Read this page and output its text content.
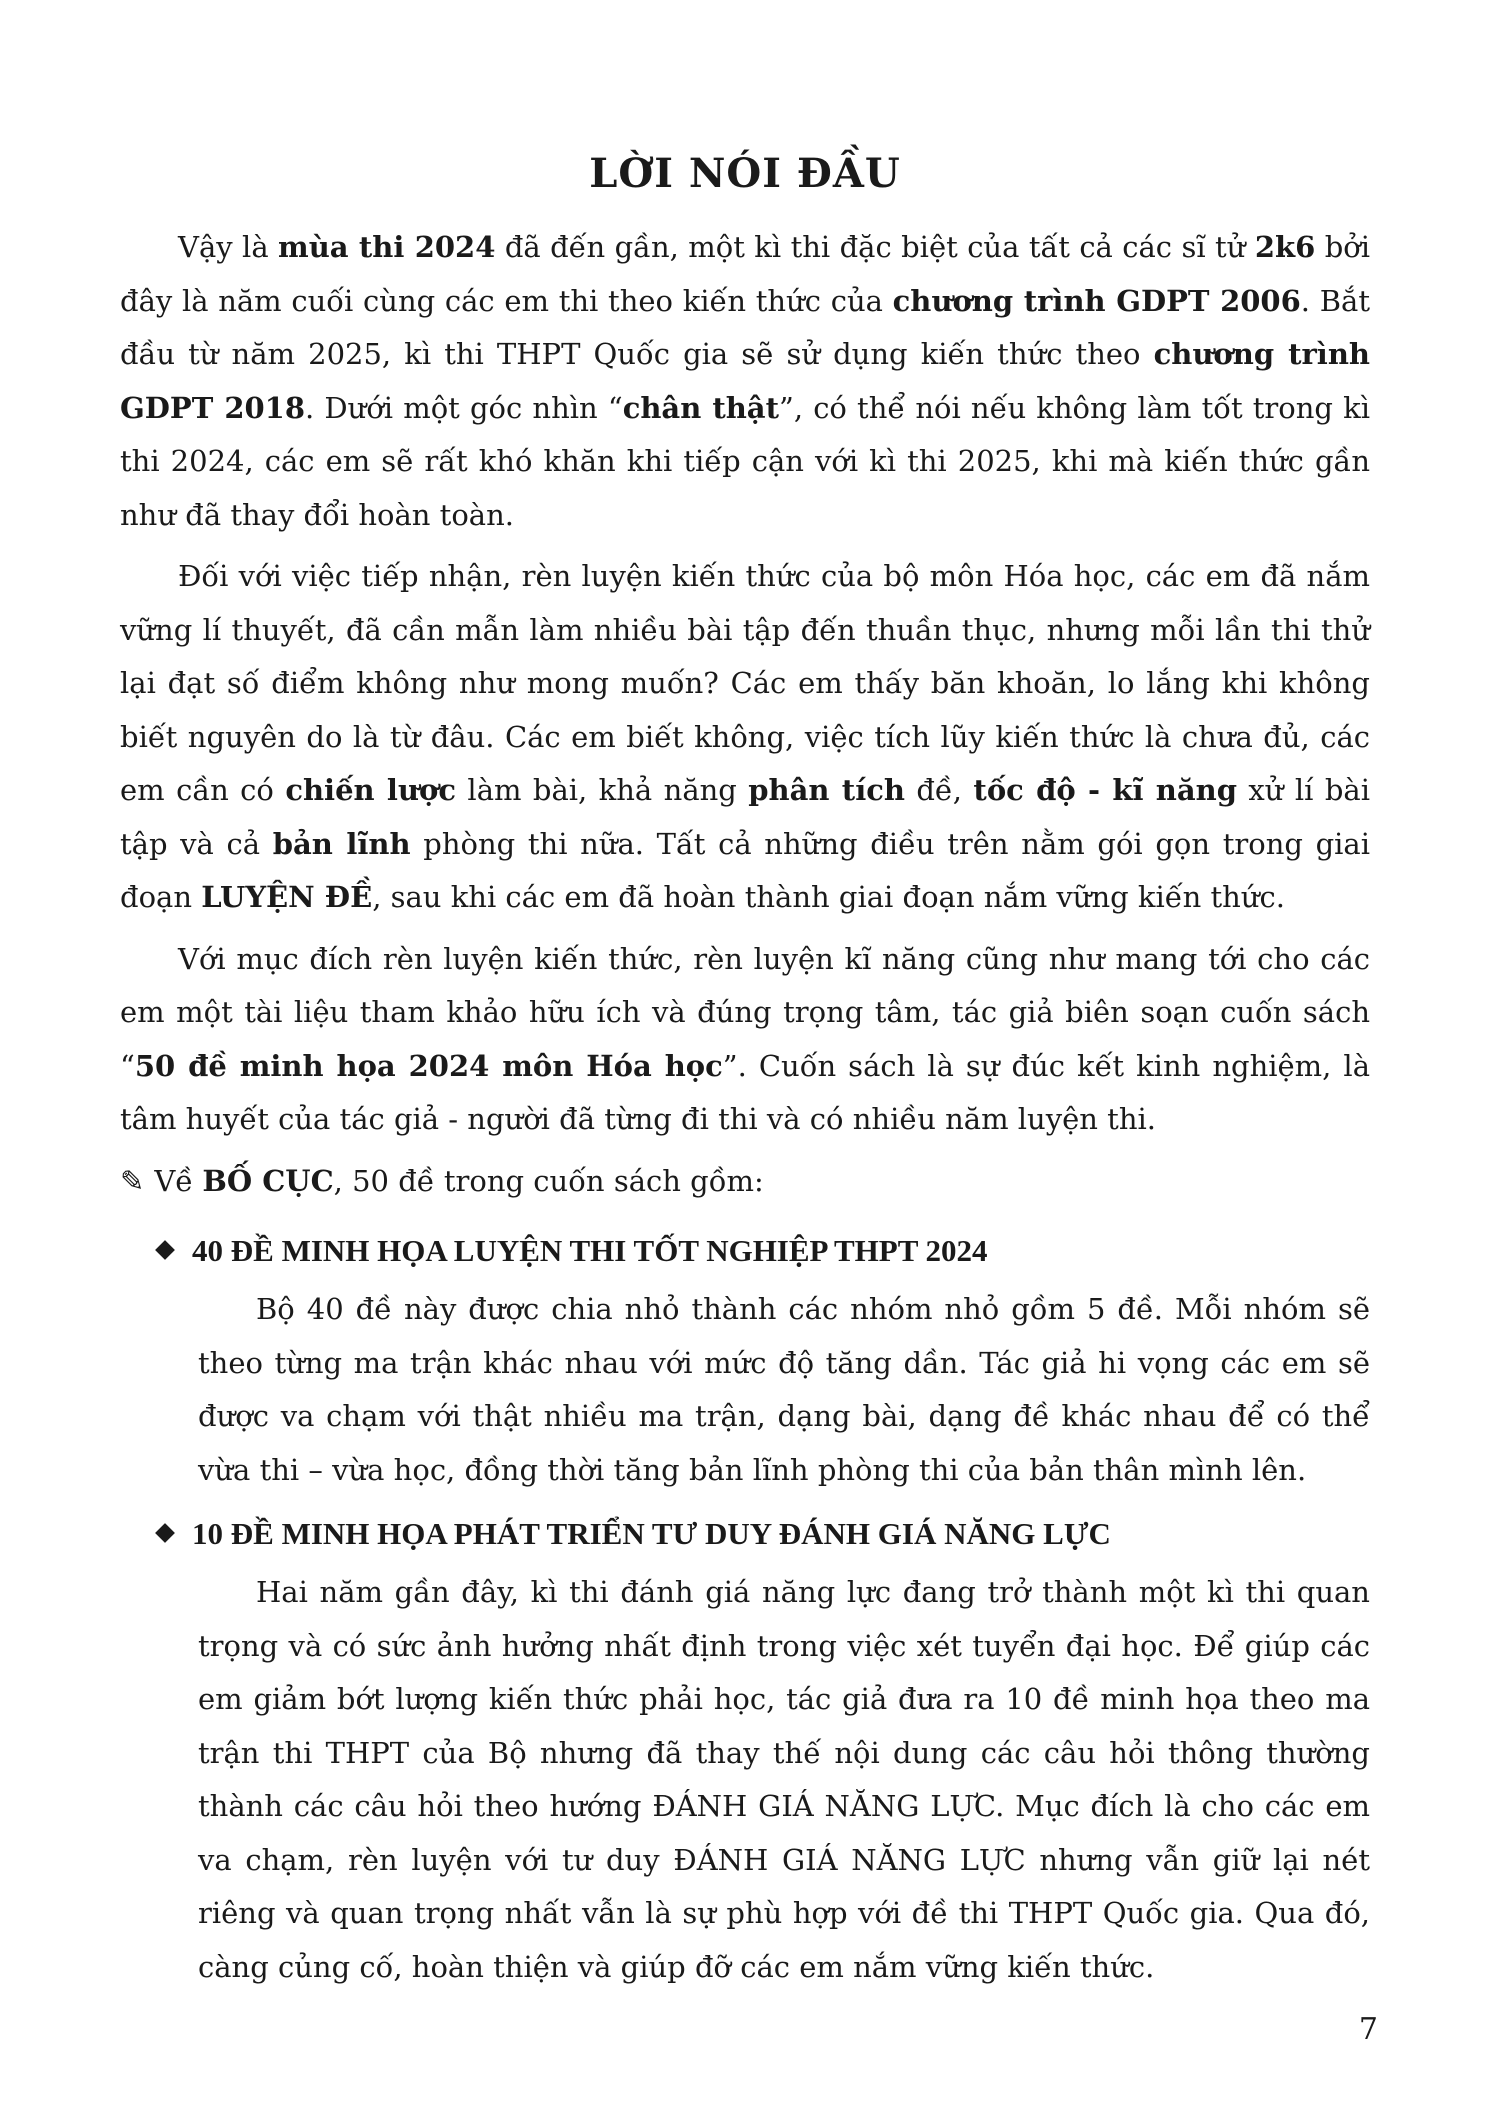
LỜI NÓI ĐẦU

Vậy là mùa thi 2024 đã đến gần, một kì thi đặc biệt của tất cả các sĩ tử 2k6 bởi đây là năm cuối cùng các em thi theo kiến thức của chương trình GDPT 2006. Bắt đầu từ năm 2025, kì thi THPT Quốc gia sẽ sử dụng kiến thức theo chương trình GDPT 2018. Dưới một góc nhìn “chân thật”, có thể nói nếu không làm tốt trong kì thi 2024, các em sẽ rất khó khăn khi tiếp cận với kì thi 2025, khi mà kiến thức gần như đã thay đổi hoàn toàn.

Đối với việc tiếp nhận, rèn luyện kiến thức của bộ môn Hóa học, các em đã nắm vững lí thuyết, đã cần mẫn làm nhiều bài tập đến thuần thục, nhưng mỗi lần thi thử lại đạt số điểm không như mong muốn? Các em thấy băn khoăn, lo lắng khi không biết nguyên do là từ đâu. Các em biết không, việc tích lũy kiến thức là chưa đủ, các em cần có chiến lược làm bài, khả năng phân tích đề, tốc độ - kĩ năng xử lí bài tập và cả bản lĩnh phòng thi nữa. Tất cả những điều trên nằm gói gọn trong giai đoạn LUYỆN ĐỀ, sau khi các em đã hoàn thành giai đoạn nắm vững kiến thức.

Với mục đích rèn luyện kiến thức, rèn luyện kĩ năng cũng như mang tới cho các em một tài liệu tham khảo hữu ích và đúng trọng tâm, tác giả biên soạn cuốn sách “50 đề minh họa 2024 môn Hóa học”. Cuốn sách là sự đúc kết kinh nghiệm, là tâm huyết của tác giả - người đã từng đi thi và có nhiều năm luyện thi.

✎ Về BỐ CỤC, 50 đề trong cuốn sách gồm:

40 ĐỀ MINH HỌA LUYỆN THI TỐT NGHIỆP THPT 2024

Bộ 40 đề này được chia nhỏ thành các nhóm nhỏ gồm 5 đề. Mỗi nhóm sẽ theo từng ma trận khác nhau với mức độ tăng dần. Tác giả hi vọng các em sẽ được va chạm với thật nhiều ma trận, dạng bài, dạng đề khác nhau để có thể vừa thi – vừa học, đồng thời tăng bản lĩnh phòng thi của bản thân mình lên.

10 ĐỀ MINH HỌA PHÁT TRIỂN TƯ DUY ĐÁNH GIÁ NĂNG LỰC

Hai năm gần đây, kì thi đánh giá năng lực đang trở thành một kì thi quan trọng và có sức ảnh hưởng nhất định trong việc xét tuyển đại học. Để giúp các em giảm bớt lượng kiến thức phải học, tác giả đưa ra 10 đề minh họa theo ma trận thi THPT của Bộ nhưng đã thay thế nội dung các câu hỏi thông thường thành các câu hỏi theo hướng ĐÁNH GIÁ NĂNG LỰC. Mục đích là cho các em va chạm, rèn luyện với tư duy ĐÁNH GIÁ NĂNG LỰC nhưng vẫn giữ lại nét riêng và quan trọng nhất vẫn là sự phù hợp với đề thi THPT Quốc gia. Qua đó, càng củng cố, hoàn thiện và giúp đỡ các em nắm vững kiến thức.

7
